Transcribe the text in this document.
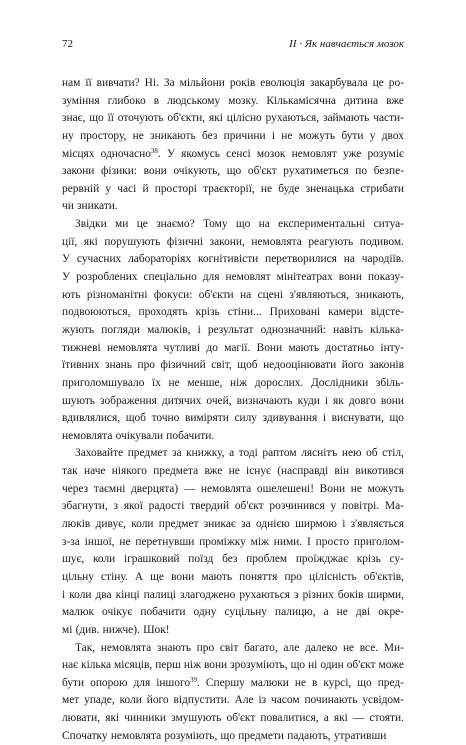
72	II · Як навчається мозок
нам її вивчати? Ні. За мільйони років еволюція закарбувала це ро-
зуміння глибоко в людському мозку. Кількамісячна дитина вже
знає, що її оточують об'єкти, які цілісно рухаються, займають части-
ну простору, не зникають без причини і не можуть бути у двох
місцях одночасно$^{38}$. У якомусь сенсі мозок немовлят уже розуміє
закони фізики: вони очікують, що об'єкт рухатиметься по безпе-
рервній у часі й просторі траєкторії, не буде зненацька стрибати
чи зникати.
Звідки ми це знаємо? Тому що на експериментальні ситуа-
ції, які порушують фізичні закони, немовлята реагують подивом.
У сучасних лабораторіях когнітивісти перетворилися на чародіїв.
У розроблених спеціально для немовлят мінітеатрах вони показу-
ють різноманітні фокуси: об'єкти на сцені з'являються, зникають,
подвоюються, проходять крізь стіни... Приховані камери відсте-
жують погляди малюків, і результат однозначний: навіть кілька-
тижневі немовлята чутливі до магії. Вони мають достатньо інту-
їтивних знань про фізичний світ, щоб недооцінювати його законів
приголомшувало їх не менше, ніж дорослих. Дослідники збіль-
шують зображення дитячих очей, визначають куди і як довго вони
вдивлялися, щоб точно виміряти силу здивування і виснувати, що
немовлята очікували побачити.
Заховайте предмет за книжку, а тоді раптом ляснітъ нею об стіл,
так наче ніякого предмета вже не існує (насправді він викотився
через таємні дверцята) — немовлята ошелешені! Вони не можуть
збагнути, з якої радості твердий об'єкт розчинився у повітрі. Ма-
люків дивує, коли предмет зникає за однією ширмою і з'являється
з-за іншої, не перетнувши проміжку між ними. І просто приголом-
шує, коли іграшковий поїзд без проблем проїжджає крізь су-
цільну стіну. А ще вони мають поняття про цілісність об'єктів,
і коли два кінці палиці злагоджено рухаються з різних боків ширми,
малюк очікує побачити одну суцільну палицю, а не дві окре-
мі (див. нижче). Шок!
Так, немовлята знають про світ багато, але далеко не все. Ми-
нає кілька місяців, перш ніж вони зрозуміють, що ні один об'єкт може
бути опорою для іншого$^{39}$. Спершу малюки не в курсі, що пред-
мет упаде, коли його відпустити. Але із часом починають усвідом-
лювати, які чинники змушують об'єкт повалитися, а які — стояти.
Спочатку немовлята розуміють, що предмети падають, утративши
